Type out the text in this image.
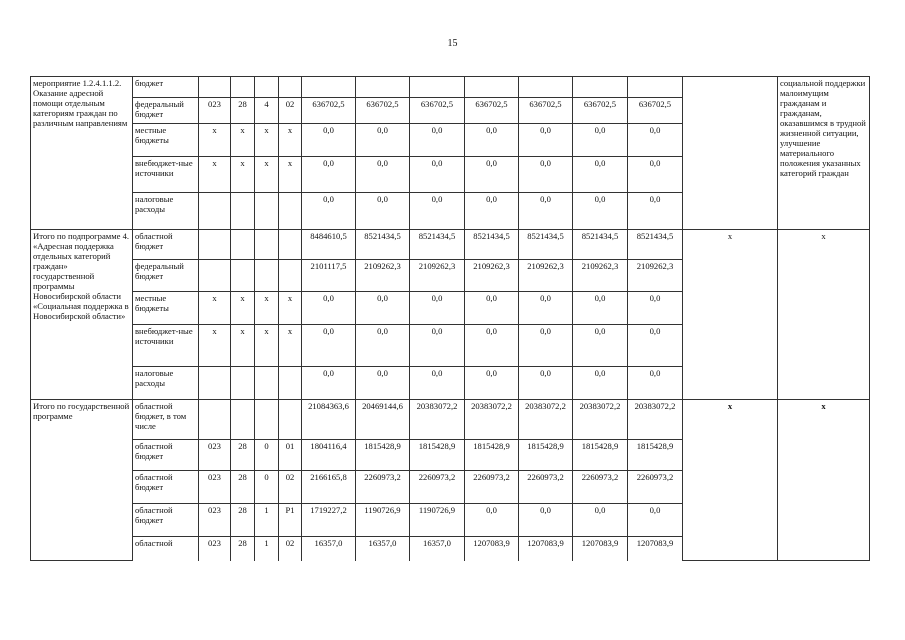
15
мероприятие 1.2.4.1.1.2. Оказание адресной помощи отдельным категориям граждан по различным направлениям	бюджет													социальной поддержки малоимущим гражданам и гражданам, оказавшимся в трудной жизненной ситуации, улучшение материального положения указанных категорий граждан
	федеральный бюджет	023	28	4	02	636702,5	636702,5	636702,5	636702,5	636702,5	636702,5	636702,5		
	местные бюджеты	х	х	х	х	0,0	0,0	0,0	0,0	0,0	0,0	0,0		
	внебюджет-ные источники	х	х	х	х	0,0	0,0	0,0	0,0	0,0	0,0	0,0		
	налоговые расходы					0,0	0,0	0,0	0,0	0,0	0,0	0,0		
Итого по подпрограмме 4. «Адресная поддержка отдельных категорий граждан» государственной программы Новосибирской области «Социальная поддержка в Новосибирской области»	областной бюджет					8484610,5	8521434,5	8521434,5	8521434,5	8521434,5	8521434,5	8521434,5	х	х
	федеральный бюджет					2101117,5	2109262,3	2109262,3	2109262,3	2109262,3	2109262,3	2109262,3		
	местные бюджеты	х	х	х	х	0,0	0,0	0,0	0,0	0,0	0,0	0,0		
	внебюджет-ные источники	х	х	х	х	0,0	0,0	0,0	0,0	0,0	0,0	0,0		
	налоговые расходы					0,0	0,0	0,0	0,0	0,0	0,0	0,0		
Итого по государственной программе	областной бюджет, в том числе					21084363,6	20469144,6	20383072,2	20383072,2	20383072,2	20383072,2	20383072,2	х	х
	областной бюджет	023	28	0	01	1804116,4	1815428,9	1815428,9	1815428,9	1815428,9	1815428,9	1815428,9		
	областной бюджет	023	28	0	02	2166165,8	2260973,2	2260973,2	2260973,2	2260973,2	2260973,2	2260973,2		
	областной бюджет	023	28	1	P1	1719227,2	1190726,9	1190726,9	0,0	0,0	0,0	0,0		
	областной	023	28	1	02	16357,0	16357,0	16357,0	1207083,9	1207083,9	1207083,9	1207083,9		
